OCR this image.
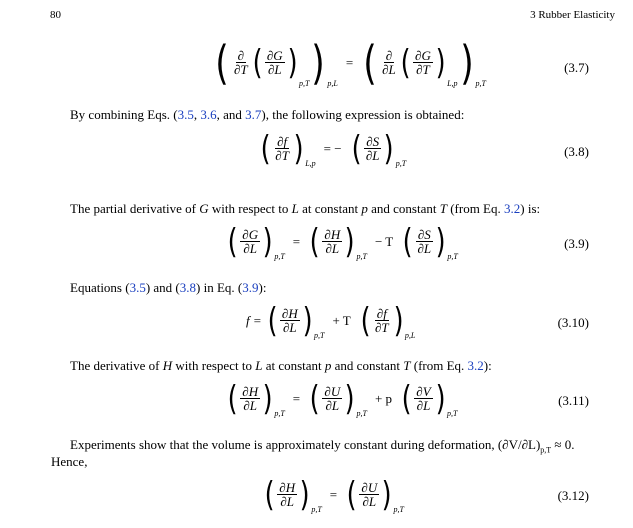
80	3 Rubber Elasticity
( $\frac{\partial}{\partial T}$ ( $\frac{\partial G}{\partial L}$ )
p,T ) p,L
= ( $\frac{\partial}{\partial L}$ ( $\frac{\partial G}{\partial T}$ )
L,p ) p,T
(3.7)
By combining Eqs. (3.5, 3.6, and 3.7), the following expression is obtained:
( $\frac{\partial f}{\partial T}$ ) L,p
= − ( $\frac{\partial S}{\partial L}$ ) p,T
(3.8)
The partial derivative of G with respect to L at constant p and constant T (from Eq. 3.2) is:
( $\frac{\partial G}{\partial L}$ ) p,T
= ( $\frac{\partial H}{\partial L}$ ) p,T
− T ( $\frac{\partial S}{\partial L}$ ) p,T
(3.9)
Equations (3.5) and (3.8) in Eq. (3.9):
f = ( $\frac{\partial H}{\partial L}$ ) p,T
+ T ( $\frac{\partial f}{\partial T}$ ) p,L
(3.10)
The derivative of H with respect to L at constant p and constant T (from Eq. 3.2):
( $\frac{\partial H}{\partial L}$ ) p,T
= ( $\frac{\partial U}{\partial L}$ ) p,T
+ p ( $\frac{\partial V}{\partial L}$ ) p,T
(3.11)
Experiments show that the volume is approximately constant during deformation, $(\partial V/\partial L)_{p,T} \approx 0$.
Hence,
( $\frac{\partial H}{\partial L}$ ) p,T
= ( $\frac{\partial U}{\partial L}$ ) p,T
(3.12)
